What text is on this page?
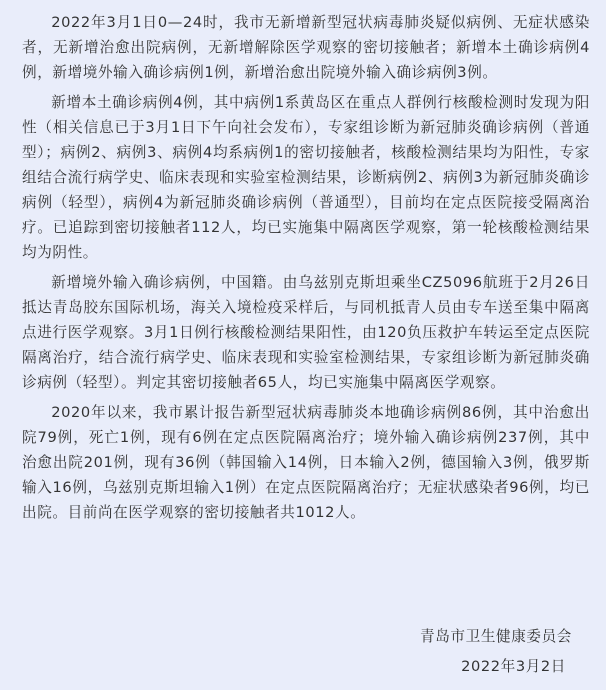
2022年3月1日0—24时，我市无新增新型冠状病毒肺炎疑似病例、无症状感染者，无新增治愈出院病例，无新增解除医学观察的密切接触者；新增本土确诊病例4例，新增境外输入确诊病例1例，新增治愈出院境外输入确诊病例3例。

新增本土确诊病例4例，其中病例1系黄岛区在重点人群例行核酸检测时发现为阳性（相关信息已于3月1日下午向社会发布），专家组诊断为新冠肺炎确诊病例（普通型）；病例2、病例3、病例4均系病例1的密切接触者，核酸检测结果均为阳性，专家组结合流行病学史、临床表现和实验室检测结果，诊断病例2、病例3为新冠肺炎确诊病例（轻型），病例4为新冠肺炎确诊病例（普通型），目前均在定点医院接受隔离治疗。已追踪到密切接触者112人，均已实施集中隔离医学观察，第一轮核酸检测结果均为阴性。

新增境外输入确诊病例，中国籍。由乌兹别克斯坦乘坐CZ5096航班于2月26日抵达青岛胶东国际机场，海关入境检疫采样后，与同机抵青人员由专车送至集中隔离点进行医学观察。3月1日例行核酸检测结果阳性，由120负压救护车转运至定点医院隔离治疗，结合流行病学史、临床表现和实验室检测结果，专家组诊断为新冠肺炎确诊病例（轻型）。判定其密切接触者65人，均已实施集中隔离医学观察。

2020年以来，我市累计报告新型冠状病毒肺炎本地确诊病例86例，其中治愈出院79例，死亡1例，现有6例在定点医院隔离治疗；境外输入确诊病例237例，其中治愈出院201例，现有36例（韩国输入14例，日本输入2例，德国输入3例，俄罗斯输入16例，乌兹别克斯坦输入1例）在定点医院隔离治疗；无症状感染者96例，均已出院。目前尚在医学观察的密切接触者共1012人。

青岛市卫生健康委员会
2022年3月2日
